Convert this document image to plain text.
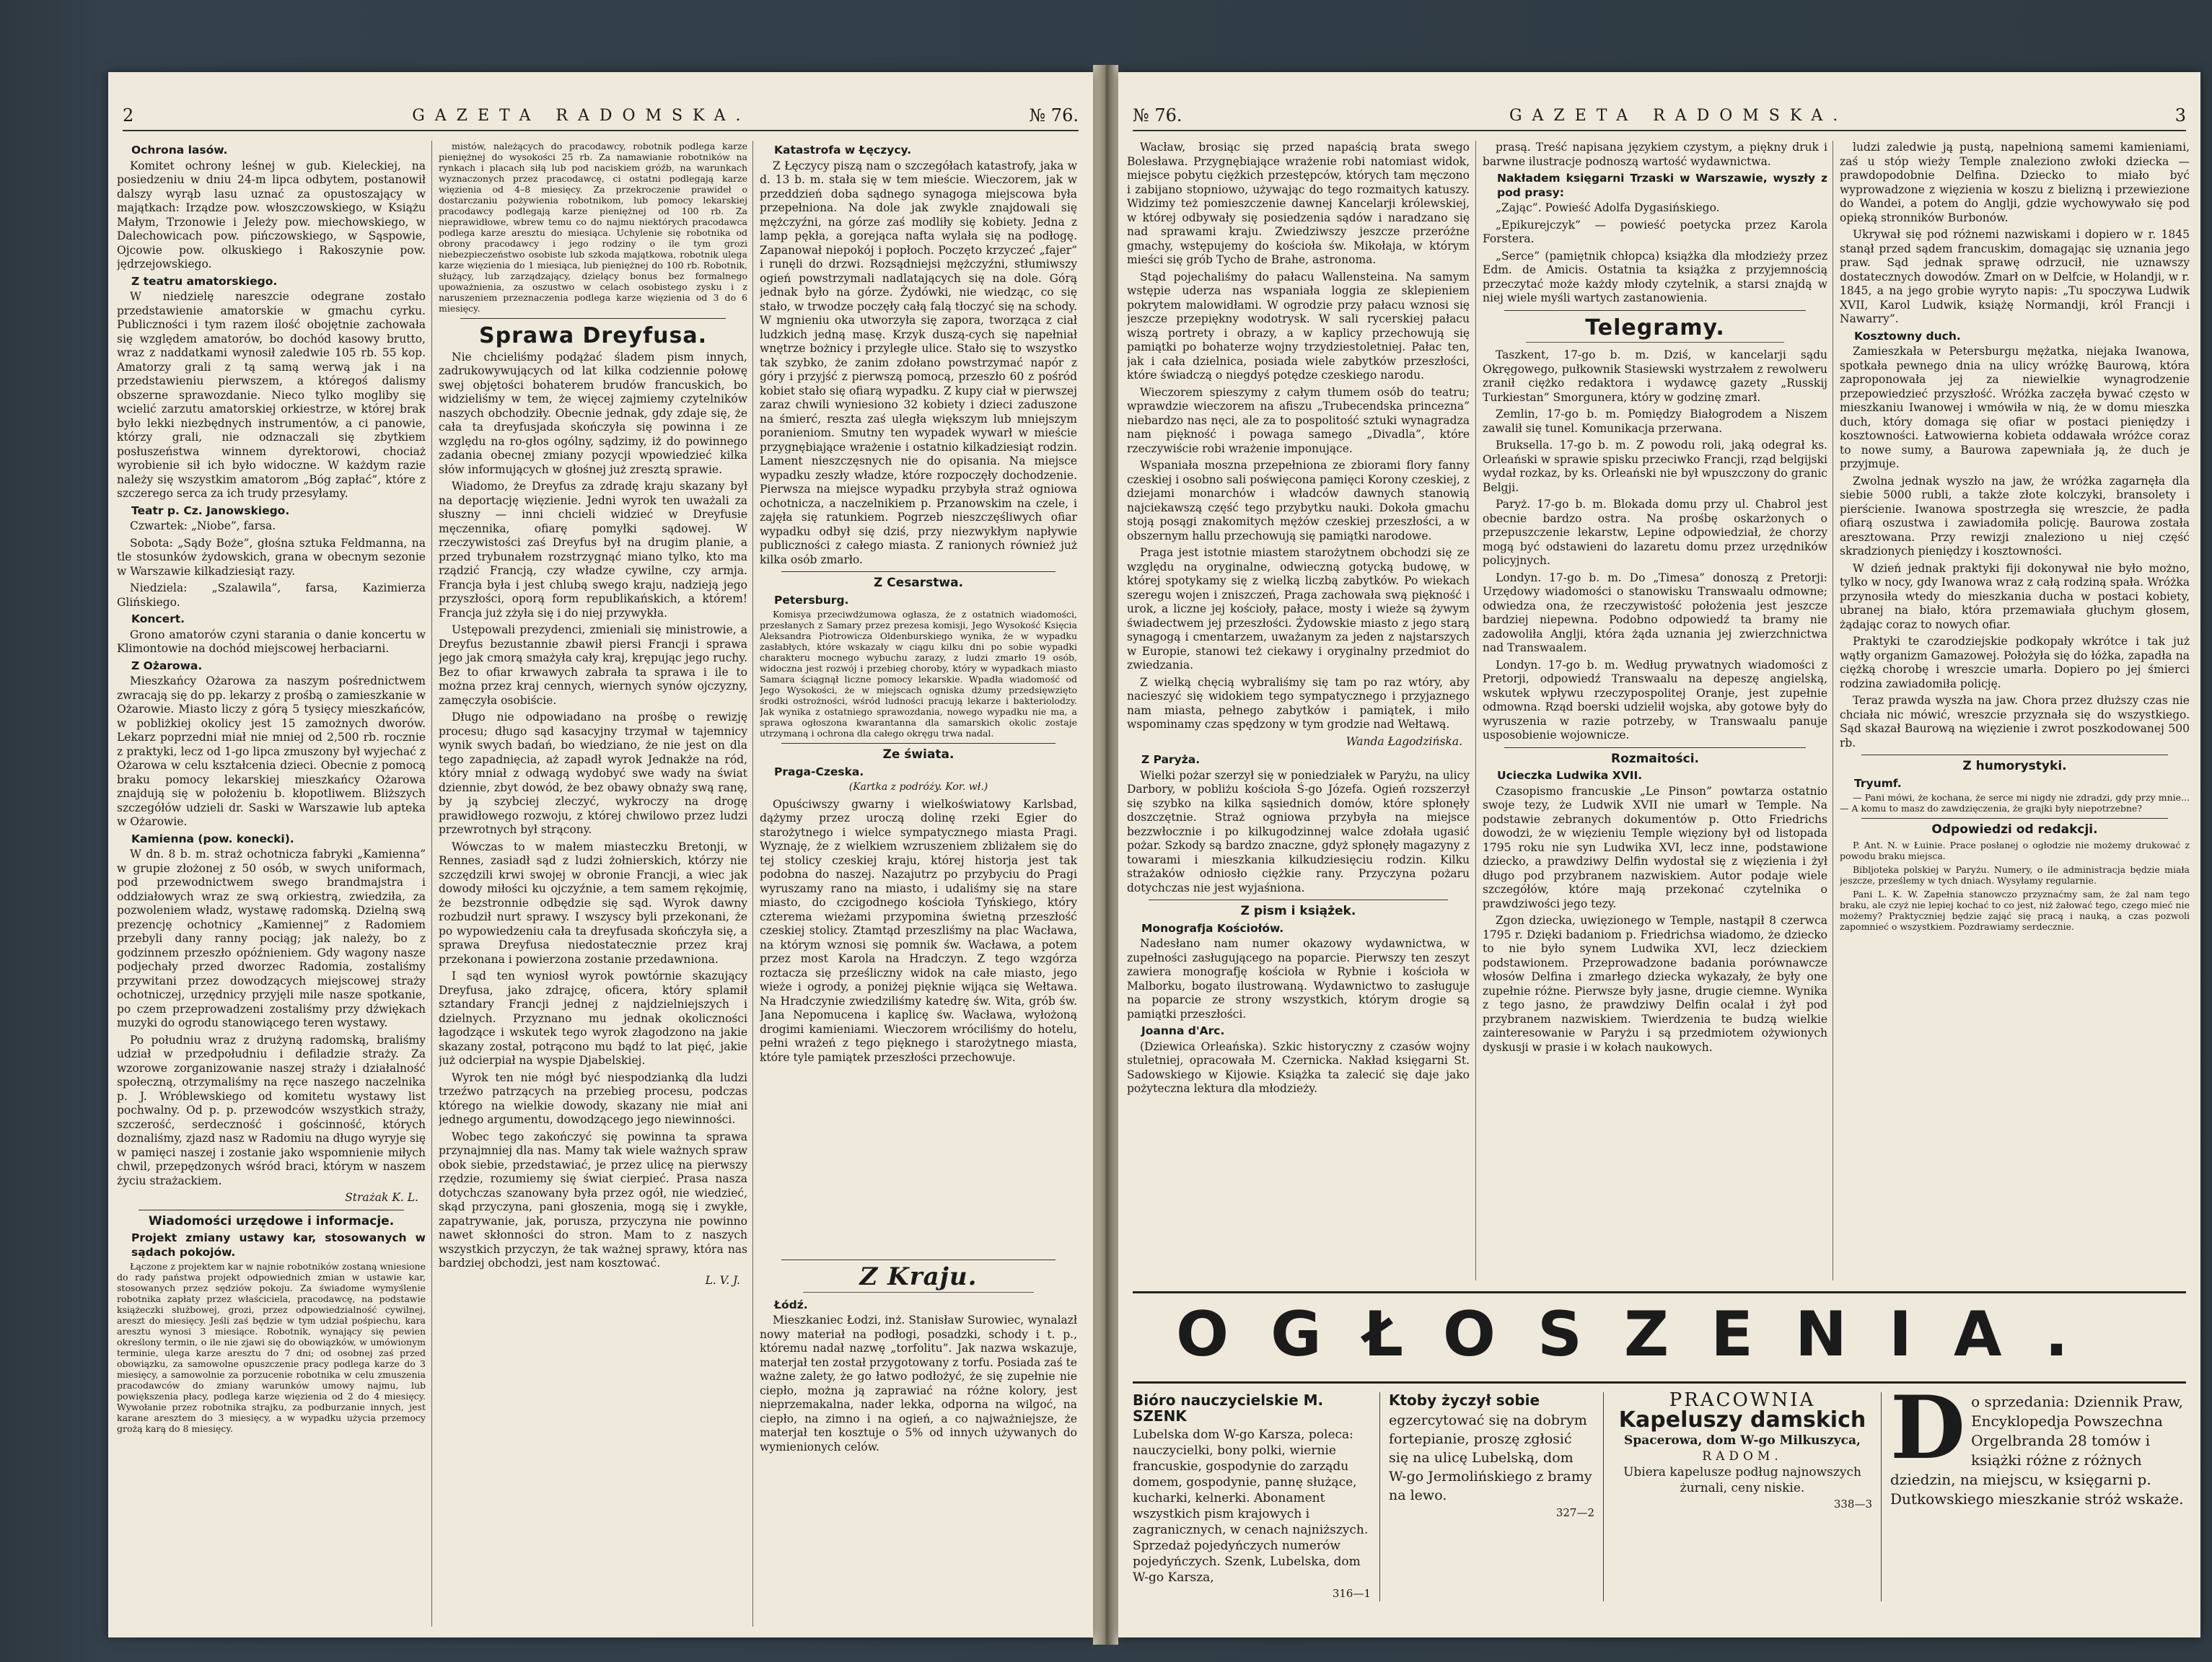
2	GAZETA RADOMSKA.	№ 76.
Ochrona lasów.

Komitet ochrony leśnej w gub. Kieleckiej, na posiedzeniu w dniu 24-m lipca odbytem, postanowił dalszy wyrąb lasu uznać za opustoszający w majątkach: Irządze pow. włoszczowskiego, w Książu Małym, Trzonowie i Jeleży pow. miechowskiego, w Dalechowicach pow. pińczowskiego, w Sąspowie, Ojcowie pow. olkuskiego i Rakoszynie pow. jędrzejowskiego.

Z teatru amatorskiego.

W niedzielę nareszcie odegrane zostało przedstawienie amatorskie w gmachu cyrku. Publiczności i tym razem ilość obojętnie zachowała się względem amatorów, bo dochód kasowy brutto, wraz z naddatkami wynosił zaledwie 105 rb. 55 kop. Amatorzy grali z tą samą werwą jak i na przedstawieniu pierwszem, a któregoś dalismy obszerne sprawozdanie. Nieco tylko mogliby się wcielić zarzutu amatorskiej orkiestrze, w której brak było lekki niezbędnych instrumentów, a ci panowie, którzy grali, nie odznaczali się zbytkiem posłuszeństwa winnem dyrektorowi, chociaż wyrobienie sił ich było widoczne. W każdym razie należy się wszystkim amatorom „Bóg zapłać”, które z szczerego serca za ich trudy przesyłamy.

Teatr p. Cz. Janowskiego.

Czwartek: „Niobe”, farsa.

Sobota: „Sądy Boże”, głośna sztuka Feldmanna, na tle stosunków żydowskich, grana w obecnym sezonie w Warszawie kilkadziesiąt razy.

Niedziela: „Szalawila”, farsa, Kazimierza Glińskiego.

Koncert.

Grono amatorów czyni starania o danie koncertu w Klimontowie na dochód miejscowej herbaciarni.

Z Ożarowa.

Mieszkańcy Ożarowa za naszym pośrednictwem zwracają się do pp. lekarzy z prośbą o zamieszkanie w Ożarowie. Miasto liczy z górą 5 tysięcy mieszkańców, w pobliżkiej okolicy jest 15 zamożnych dworów. Lekarz poprzedni miał nie mniej od 2,500 rb. rocznie z praktyki, lecz od 1-go lipca zmuszony był wyjechać z Ożarowa w celu kształcenia dzieci. Obecnie z pomocą braku pomocy lekarskiej mieszkańcy Ożarowa znajdują się w położeniu b. kłopotliwem. Bliższych szczegółów udzieli dr. Saski w Warszawie lub apteka w Ożarowie.

Kamienna (pow. konecki).

W dn. 8 b. m. straż ochotnicza fabryki „Kamienna” w grupie złożonej z 50 osób, w swych uniformach, pod przewodnictwem swego brandmajstra i oddziałowych wraz ze swą orkiestrą, zwiedziła, za pozwoleniem władz, wystawę radomską. Dzielną swą prezencję ochotnicy „Kamiennej” z Radomiem przebyli dany ranny pociąg; jak należy, bo z godzinnem przeszło opóźnieniem. Gdy wagony nasze podjechały przed dworzec Radomia, zostaliśmy przywitani przez dowodzących miejscowej straży ochotniczej, urzędnicy przyjęli mile nasze spotkanie, po czem przeprowadzeni zostaliśmy przy dźwiękach muzyki do ogrodu stanowiącego teren wystawy.

Po południu wraz z drużyną radomską, braliśmy udział w przedpołudniu i defiladzie straży. Za wzorowe zorganizowanie naszej straży i działalność społeczną, otrzymaliśmy na ręce naszego naczelnika p. J. Wróblewskiego od komitetu wystawy list pochwalny. Od p. p. przewodców wszystkich straży, szczerość, serdeczność i gościnność, których doznaliśmy, zjazd nasz w Radomiu na długo wyryje się w pamięci naszej i zostanie jako wspomnienie miłych chwil, przepędzonych wśród braci, którym w naszem życiu strażackiem.

Strażak K. L.
Wiadomości urzędowe i informacje.
Projekt zmiany ustawy kar, stosowanych w sądach pokojów.

Łączone z projektem kar w najnie robotników zostaną wniesione do rady państwa projekt odpowiednich zmian w ustawie kar, stosowanych przez sędziów pokoju. Za świadome wymyślenie robotnika zapłaty przez właściciela, pracodawcę, na podstawie książeczki służbowej, grozi, przez odpowiedzialność cywilnej, areszt do miesięcy. Jeśli zaś będzie w tym udział pośpiechu, kara aresztu wynosi 3 miesiące. Robotnik, wynający się pewien określony termin, o ile nie zjawi się do obowiązków, w umówionym terminie, ulega karze aresztu do 7 dni; od osobnej zaś przed obowiązku, za samowolne opuszczenie pracy podlega karze do 3 miesięcy, a samowolnie za porzucenie robotnika w celu zmuszenia pracodawców do zmiany warunków umowy najmu, lub powiększenia płacy, podlega karze więzienia od 2 do 4 miesięcy. Wywołanie przez robotnika strajku, za podburzanie innych, jest karane aresztem do 3 miesięcy, a w wypadku użycia przemocy grożą karą do 8 miesięcy.

mistów, należących do pracodawcy, robotnik podlega karze pieniężnej do wysokości 25 rb. Za namawianie robotników na rynkach i placach siłą lub pod naciskiem gróźb, na warunkach wyznaczonych przez pracodawcę, ci ostatni podlegają karze więzienia od 4–8 miesięcy. Za przekroczenie prawideł o dostarczaniu pożywienia robotnikom, lub pomocy lekarskiej pracodawcy podlegają karze pieniężnej od 100 rb. Za nieprawidłowe, wbrew temu co do najmu niektórych pracodawca podlega karze aresztu do miesiąca. Uchylenie się robotnika od obrony pracodawcy i jego rodziny o ile tym grozi niebezpieczeństwo osobiste lub szkoda majątkowa, robotnik ulega karze więzienia do 1 miesiąca, lub pieniężnej do 100 rb. Robotnik, służący, lub zarządzający, dzielący bonus bez formalnego upoważnienia, za oszustwo w celach osobistego zysku i z naruszeniem przeznaczenia podlega karze więzienia od 3 do 6 miesięcy.

Sprawa Dreyfusa.

Nie chcieliśmy podążać śladem pism innych, zadrukowywujących od lat kilka codziennie połowę swej objętości bohaterem brudów francuskich, bo widzieliśmy w tem, że więcej zajmiemy czytelników naszych obchodziły. Obecnie jednak, gdy zdaje się, że cała ta dreyfusjada skończyła się powinna i ze względu na ro-głos ogólny, sądzimy, iż do powinnego zadania obecnej zmiany pozycji wpowiedzieć kilka słów informujących w głośnej już zresztą sprawie.

Wiadomo, że Dreyfus za zdradę kraju skazany był na deportację więzienie. Jedni wyrok ten uważali za słuszny — inni chcieli widzieć w Dreyfusie męczennika, ofiarę pomyłki sądowej. W rzeczywistości zaś Dreyfus był na drugim planie, a przed trybunałem rozstrzygnąć miano tylko, kto ma rządzić Francją, czy władze cywilne, czy armja. Francja była i jest chlubą swego kraju, nadzieją jego przyszłości, oporą form republikańskich, a którem! Francja już zżyła się i do niej przywykła.

Ustępowali prezydenci, zmieniali się ministrowie, a Dreyfus bezustannie zbawił piersi Francji i sprawa jego jak cmorą smażyła cały kraj, krępując jego ruchy. Bez to ofiar krwawych zabrała ta sprawa i ile to można przez kraj cennych, wiernych synów ojczyzny, zamęczyła osobiście.

Długo nie odpowiadano na prośbę o rewizję procesu; długo sąd kasacyjny trzymał w tajemnicy wynik swych badań, bo wiedziano, że nie jest on dla tego zapadnięcia, aż zapadł wyrok Jednakże na ród, który mniał z odwagą wydobyć swe wady na świat dziennie, zbyt dowód, że bez obawy obnaży swą ranę, by ją szybciej zleczyć, wykroczy na drogę prawidłowego rozwoju, z której chwilowo przez ludzi przewrotnych był strącony.

Wówczas to w małem miasteczku Bretonji, w Rennes, zasiadł sąd z ludzi żołnierskich, którzy nie szczędzili krwi swojej w obronie Francji, a wiec jak dowody miłości ku ojczyźnie, a tem samem rękojmię, że bezstronnie odbędzie się sąd. Wyrok dawny rozbudził nurt sprawy. I wszyscy byli przekonani, że po wypowiedzeniu cała ta dreyfusada skończyła się, a sprawa Dreyfusa niedostatecznie przez kraj przekonana i powierzona zostanie przedawniona.

I sąd ten wyniosł wyrok powtórnie skazujący Dreyfusa, jako zdrajcę, oficera, który splamił sztandary Francji jednej z najdzielniejszych i dzielnych. Przyznano mu jednak okoliczności łagodzące i wskutek tego wyrok złagodzono na jakie skazany został, potrącono mu bądź to lat pięć, jakie już odcierpiał na wyspie Djabelskiej.

Wyrok ten nie mógł być niespodzianką dla ludzi trzeźwo patrzących na przebieg procesu, podczas którego na wielkie dowody, skazany nie miał ani jednego argumentu, dowodzącego jego niewinności.

Wobec tego zakończyć się powinna ta sprawa przynajmniej dla nas. Mamy tak wiele ważnych spraw obok siebie, przedstawiać, je przez ulicę na pierwszy rzędzie, rozumiemy się świat cierpieć. Prasa nasza dotychczas szanowany była przez ogół, nie wiedzieć, skąd przyczyna, pani głoszenia, mogą się i zwykłe, zapatrywanie, jak, porusza, przyczyna nie powinno nawet skłonności do stron. Mam to z naszych wszystkich przyczyn, że tak ważnej sprawy, która nas bardziej obchodzi, jest nam kosztować.

L. V. J.
Katastrofa w Łęczycy.

Z Łęczycy piszą nam o szczegółach katastrofy, jaka w d. 13 b. m. stała się w tem mieście. Wieczorem, jak w przeddzień doba sądnego synagoga miejscowa była przepełniona. Na dole jak zwykle znajdowali się mężczyźni, na górze zaś modliły się kobiety. Jedna z lamp pękła, a gorejąca nafta wylała się na podłogę. Zapanował niepokój i popłoch. Poczęto krzyczeć „fajer” i runęli do drzwi. Rozsądniejsi mężczyźni, stłumiwszy ogień powstrzymali nadlatających się na dole. Górą jednak było na górze. Żydówki, nie wiedząc, co się stało, w trwodze poczęły całą falą tłoczyć się na schody. W mgnieniu oka utworzyła się zapora, tworząca z ciał ludzkich jedną masę. Krzyk duszą-cych się napełniał wnętrze bożnicy i przyległe ulice. Stało się to wszystko tak szybko, że zanim zdołano powstrzymać napór z góry i przyjść z pierwszą pomocą, przeszło 60 z pośród kobiet stało się ofiarą wypadku. Z kupy ciał w pierwszej zaraz chwili wyniesiono 32 kobiety i dzieci zaduszone na śmierć, reszta zaś uległa większym lub mniejszym poranieniom. Smutny ten wypadek wywarł w mieście przygnębiające wrażenie i ostatnio kilkadziesiąt rodzin. Lament nieszczęsnych nie do opisania. Na miejsce wypadku zeszły władze, które rozpoczęły dochodzenie. Pierwsza na miejsce wypadku przybyła straż ogniowa ochotnicza, a naczelnikiem p. Przanowskim na czele, i zajęła się ratunkiem. Pogrzeb nieszczęśliwych ofiar wypadku odbył się dziś, przy niezwykłym napływie publiczności z całego miasta. Z ranionych również już kilka osób zmarło.

Z Cesarstwa.
Petersburg.

Komisya przeciwdżumowa ogłasza, że z ostatnich wiadomości, przesłanych z Samary przez prezesa komisji, Jego Wysokość Księcia Aleksandra Piotrowicza Oldenburskiego wynika, że w wypadku zasłabłych, które wskazały w ciągu kilku dni po sobie wypadki charakteru mocnego wybuchu zarazy, z ludzi zmarło 19 osób, widoczna jest rozwój i przebieg choroby, który w wypadkach miasto Samara ściągnął liczne pomocy lekarskie. Wpadła wiadomość od Jego Wysokości, że w miejscach ogniska dżumy przedsięwzięto środki ostrożności, wśród ludności pracują lekarze i bakteriolodzy. Jak wynika z ostatniego sprawozdania, nowego wypadku nie ma, a sprawa ogłoszona kwarantanna dla samarskich okolic zostaje utrzymaną i ochrona dla całego okręgu trwa nadal.

Ze świata.
Praga-Czeska.
(Kartka z podróży. Kor. wł.)

Opuściwszy gwarny i wielkoświatowy Karlsbad, dążymy przez uroczą dolinę rzeki Egier do starożytnego i wielce sympatycznego miasta Pragi. Wyznaję, że z wielkiem wzruszeniem zbliżałem się do tej stolicy czeskiej kraju, której historja jest tak podobna do naszej. Nazajutrz po przybyciu do Pragi wyruszamy rano na miasto, i udaliśmy się na stare miasto, do czcigodnego kościoła Tyńskiego, który czterema wieżami przypomina świetną przeszłość czeskiej stolicy. Ztamtąd przeszliśmy na plac Wacława, na którym wznosi się pomnik św. Wacława, a potem przez most Karola na Hradczyn. Z tego wzgórza roztacza się prześliczny widok na całe miasto, jego wieże i ogrody, a poniżej pięknie wijąca się Wełtawa. Na Hradczynie zwiedziliśmy katedrę św. Wita, grób św. Jana Nepomucena i kaplicę św. Wacława, wyłożoną drogimi kamieniami. Wieczorem wróciliśmy do hotelu, pełni wrażeń z tego pięknego i starożytnego miasta, które tyle pamiątek przeszłości przechowuje.

Z Kraju.
Łódź.

Mieszkaniec Łodzi, inż. Stanisław Surowiec, wynalazł nowy materiał na podłogi, posadzki, schody i t. p., któremu nadał nazwę „torfolitu”. Jak nazwa wskazuje, materjał ten został przygotowany z torfu. Posiada zaś te ważne zalety, że go łatwo podłożyć, że się zupełnie nie ciepło, można ją zaprawiać na różne kolory, jest nieprzemakalna, nader lekka, odporna na wilgoć, na ciepło, na zimno i na ogień, a co najważniejsze, że materjał ten kosztuje o 5% od innych używanych do wymienionych celów.

№ 76.	GAZETA RADOMSKA.	3

Wacław, brosiąc się przed napaścią brata swego Bolesława. Przygnębiające wrażenie robi natomiast widok, miejsce pobytu ciężkich przestępców, których tam męczono i zabijano stopniowo, używając do tego rozmaitych katuszy. Widzimy też pomieszczenie dawnej Kancelarji królewskiej, w której odbywały się posiedzenia sądów i naradzano się nad sprawami kraju. Zwiedziwszy jeszcze przeróżne gmachy, wstępujemy do kościoła św. Mikołaja, w którym mieści się grób Tycho de Brahe, astronoma.

Stąd pojechaliśmy do pałacu Wallensteina. Na samym wstępie uderza nas wspaniała loggia ze sklepieniem pokrytem malowidłami. W ogrodzie przy pałacu wznosi się jeszcze przepiękny wodotrysk. W sali rycerskiej pałacu wiszą portrety i obrazy, a w kaplicy przechowują się pamiątki po bohaterze wojny trzydziestoletniej. Pałac ten, jak i cała dzielnica, posiada wiele zabytków przeszłości, które świadczą o niegdyś potędze czeskiego narodu.

Wieczorem spieszymy z całym tłumem osób do teatru; wprawdzie wieczorem na afiszu „Trubecendska princezna” niebardzo nas nęci, ale za to pospolitość sztuki wynagradza nam piękność i powaga samego „Divadla”, które rzeczywiście robi wrażenie imponujące.

Wspaniała moszna przepełniona ze zbiorami flory fanny czeskiej i osobno sali poświęcona pamięci Korony czeskiej, z dziejami monarchów i władców dawnych stanowią najciekawszą część tego przybytku nauki. Dokoła gmachu stoją posągi znakomitych mężów czeskiej przeszłości, a w obszernym hallu przechowują się pamiątki narodowe.

Praga jest istotnie miastem starożytnem obchodzi się ze względu na oryginalne, odwieczną gotycką budowę, w której spotykamy się z wielką liczbą zabytków. Po wiekach szeregu wojen i zniszczeń, Praga zachowała swą piękność i urok, a liczne jej kościoły, pałace, mosty i wieże są żywym świadectwem jej przeszłości. Żydowskie miasto z jego starą synagogą i cmentarzem, uważanym za jeden z najstarszych w Europie, stanowi też ciekawy i oryginalny przedmiot do zwiedzania.

Z wielką chęcią wybraliśmy się tam po raz wtóry, aby nacieszyć się widokiem tego sympatycznego i przyjaznego nam miasta, pełnego zabytków i pamiątek, i miło wspominamy czas spędzony w tym grodzie nad Wełtawą.

Wanda Łagodzińska.
Z Paryża.

Wielki pożar szerzył się w poniedziałek w Paryżu, na ulicy Darbory, w pobliżu kościoła Ś-go Józefa. Ogień rozszerzył się szybko na kilka sąsiednich domów, które spłonęły doszczętnie. Straż ogniowa przybyła na miejsce bezzwłocznie i po kilkugodzinnej walce zdołała ugasić pożar. Szkody są bardzo znaczne, gdyż spłonęły magazyny z towarami i mieszkania kilkudziesięciu rodzin. Kilku strażaków odniosło ciężkie rany. Przyczyna pożaru dotychczas nie jest wyjaśniona.

Z pism i książek.
Monografja Kościołów.

Nadesłano nam numer okazowy wydawnictwa, w zupełności zasługującego na poparcie. Pierwszy ten zeszyt zawiera monografję kościoła w Rybnie i kościoła w Malborku, bogato ilustrowaną. Wydawnictwo to zasługuje na poparcie ze strony wszystkich, którym drogie są pamiątki przeszłości.

Joanna d'Arc.

(Dziewica Orleańska). Szkic historyczny z czasów wojny stuletniej, opracowała M. Czernicka. Nakład księgarni St. Sadowskiego w Kijowie. Książka ta zalecić się daje jako pożyteczna lektura dla młodzieży.

prasą. Treść napisana językiem czystym, a piękny druk i barwne ilustracje podnoszą wartość wydawnictwa.

Nakładem księgarni Trzaski w Warszawie, wyszły z pod prasy:

„Zając”. Powieść Adolfa Dygasińskiego.

„Epikurejczyk” — powieść poetycka przez Karola Forstera.

„Serce” (pamiętnik chłopca) książka dla młodzieży przez Edm. de Amicis. Ostatnia ta książka z przyjemnością przeczytać może każdy młody czytelnik, a starsi znajdą w niej wiele myśli wartych zastanowienia.

Telegramy.

Taszkent, 17-go b. m. Dziś, w kancelarji sądu Okręgowego, pułkownik Stasiewski wystrzałem z rewolweru zranił ciężko redaktora i wydawcę gazety „Russkij Turkiestan” Smorgunera, który w godzinę zmarł.

Zemlin, 17-go b. m. Pomiędzy Białogrodem a Niszem zawalił się tunel. Komunikacja przerwana.

Bruksella. 17-go b. m. Z powodu roli, jaką odegrał ks. Orleański w sprawie spisku przeciwko Francji, rząd belgijski wydał rozkaz, by ks. Orleański nie był wpuszczony do granic Belgji.

Paryż. 17-go b. m. Blokada domu przy ul. Chabrol jest obecnie bardzo ostra. Na prośbę oskarżonych o przepuszczenie lekarstw, Lepine odpowiedział, że chorzy mogą być odstawieni do lazaretu domu przez urzędników policyjnych.

Londyn. 17-go b. m. Do „Timesa” donoszą z Pretorji: Urzędowy wiadomości o stanowisku Transwaalu odmowne; odwiedza ona, że rzeczywistość położenia jest jeszcze bardziej niepewna. Podobno odpowiedź ta bramy nie zadowoliła Anglji, która żąda uznania jej zwierzchnictwa nad Transwaalem.

Londyn. 17-go b. m. Według prywatnych wiadomości z Pretorji, odpowiedź Transwaalu na depeszę angielską, wskutek wpływu rzeczypospolitej Oranje, jest zupełnie odmowna. Rząd boerski udzielił wojska, aby gotowe były do wyruszenia w razie potrzeby, w Transwaalu panuje usposobienie wojownicze.

Rozmaitości.
Ucieczka Ludwika XVII.

Czasopismo francuskie „Le Pinson” powtarza ostatnio swoje tezy, że Ludwik XVII nie umarł w Temple. Na podstawie zebranych dokumentów p. Otto Friedrichs dowodzi, że w więzieniu Temple więziony był od listopada 1795 roku nie syn Ludwika XVI, lecz inne, podstawione dziecko, a prawdziwy Delfin wydostał się z więzienia i żył długo pod przybranem nazwiskiem. Autor podaje wiele szczegółów, które mają przekonać czytelnika o prawdziwości jego tezy.

Zgon dziecka, uwięzionego w Temple, nastąpił 8 czerwca 1795 r. Dzięki badaniom p. Friedrichsa wiadomo, że dziecko to nie było synem Ludwika XVI, lecz dzieckiem podstawionem. Przeprowadzone badania porównawcze włosów Delfina i zmarłego dziecka wykazały, że były one zupełnie różne. Pierwsze były jasne, drugie ciemne. Wynika z tego jasno, że prawdziwy Delfin ocalał i żył pod przybranem nazwiskiem. Twierdzenia te budzą wielkie zainteresowanie w Paryżu i są przedmiotem ożywionych dyskusji w prasie i w kołach naukowych.

ludzi zaledwie ją pustą, napełnioną samemi kamieniami, zaś u stóp wieży Temple znaleziono zwłoki dziecka — prawdopodobnie Delfina. Dziecko to miało być wyprowadzone z więzienia w koszu z bielizną i przewiezione do Wandei, a potem do Anglji, gdzie wychowywało się pod opieką stronników Burbonów.

Ukrywał się pod różnemi nazwiskami i dopiero w r. 1845 stanął przed sądem francuskim, domagając się uznania jego praw. Sąd jednak sprawę odrzucił, nie uznawszy dostatecznych dowodów. Zmarł on w Delfcie, w Holandji, w r. 1845, a na jego grobie wyryto napis: „Tu spoczywa Ludwik XVII, Karol Ludwik, książę Normandji, król Francji i Nawarry”.

Kosztowny duch.

Zamieszkała w Petersburgu mężatka, niejaka Iwanowa, spotkała pewnego dnia na ulicy wróżkę Baurową, która zaproponowała jej za niewielkie wynagrodzenie przepowiedzieć przyszłość. Wróżka zaczęła bywać często w mieszkaniu Iwanowej i wmówiła w nią, że w domu mieszka duch, który domaga się ofiar w postaci pieniędzy i kosztowności. Łatwowierna kobieta oddawała wróżce coraz to nowe sumy, a Baurowa zapewniała ją, że duch je przyjmuje.

Zwolna jednak wyszło na jaw, że wróżka zagarnęła dla siebie 5000 rubli, a także złote kolczyki, bransolety i pierścienie. Iwanowa spostrzegła się wreszcie, że padła ofiarą oszustwa i zawiadomiła policję. Baurowa została aresztowana. Przy rewizji znaleziono u niej część skradzionych pieniędzy i kosztowności.

W dzień jednak praktyki fiji dokonywał nie było możno, tylko w nocy, gdy Iwanowa wraz z całą rodziną spała. Wróżka przynosiła wtedy do mieszkania ducha w postaci kobiety, ubranej na biało, która przemawiała głuchym głosem, żądając coraz to nowych ofiar.

Praktyki te czarodziejskie podkopały wkrótce i tak już wątły organizm Gamazowej. Położyła się do łóżka, zapadła na ciężką chorobę i wreszcie umarła. Dopiero po jej śmierci rodzina zawiadomiła policję.

Teraz prawda wyszła na jaw. Chora przez dłuższy czas nie chciała nic mówić, wreszcie przyznała się do wszystkiego. Sąd skazał Baurową na więzienie i zwrot poszkodowanej 500 rb.

Z humorystyki.
Tryumf.

— Pani mówi, że kochana, że serce mi nigdy nie zdradzi, gdy przy mnie... — A komu to masz do zawdzięczenia, że grajki były niepotrzebne?

Odpowiedzi od redakcji.

P. Ant. N. w Łuinie. Prace posłanej o ogłodzie nie możemy drukować z powodu braku miejsca.

Bibljoteka polskiej w Paryżu. Numery, o ile administracja będzie miała jeszcze, prześlemy w tych dniach. Wysyłamy regularnie.

Pani L. K. W. Zapełnia stanowczo przyznaćmy sam, że żal nam tego braku, ale czyż nie lepiej kochać to co jest, niż żałować tego, czego mieć nie możemy? Praktyczniej będzie zająć się pracą i nauką, a czas pozwoli zapomnieć o wszystkiem. Pozdrawiamy serdecznie.

OGŁOSZENIA.
Bióro nauczycielskie M. SZENK
Lubelska dom W-go Karsza, poleca: nauczycielki, bony polki, wiernie francuskie, gospodynie do zarządu domem, gospodynie, pannę służące, kucharki, kelnerki. Abonament wszystkich pism krajowych i zagranicznych, w cenach najniższych. Sprzedaż pojedyńczych numerów pojedyńczych. Szenk, Lubelska, dom W-go Karsza,
316—1
Ktoby życzył sobie
egzercytować się na dobrym fortepianie, proszę zgłosić się na ulicę Lubelską, dom W-go Jermolińskiego z bramy na lewo.
327—2
PRACOWNIA
Kapeluszy damskich
Spacerowa, dom W-go Milkuszyca,
RADOM.
Ubiera kapelusze podług najnowszych żurnali, ceny niskie.
338—3
D o sprzedania: Dziennik Praw, Encyklopedja Powszechna Orgelbranda 28 tomów i książki różne z różnych dziedzin, na miejscu, w księgarni p. Dutkowskiego mieszkanie stróż wskaże.
